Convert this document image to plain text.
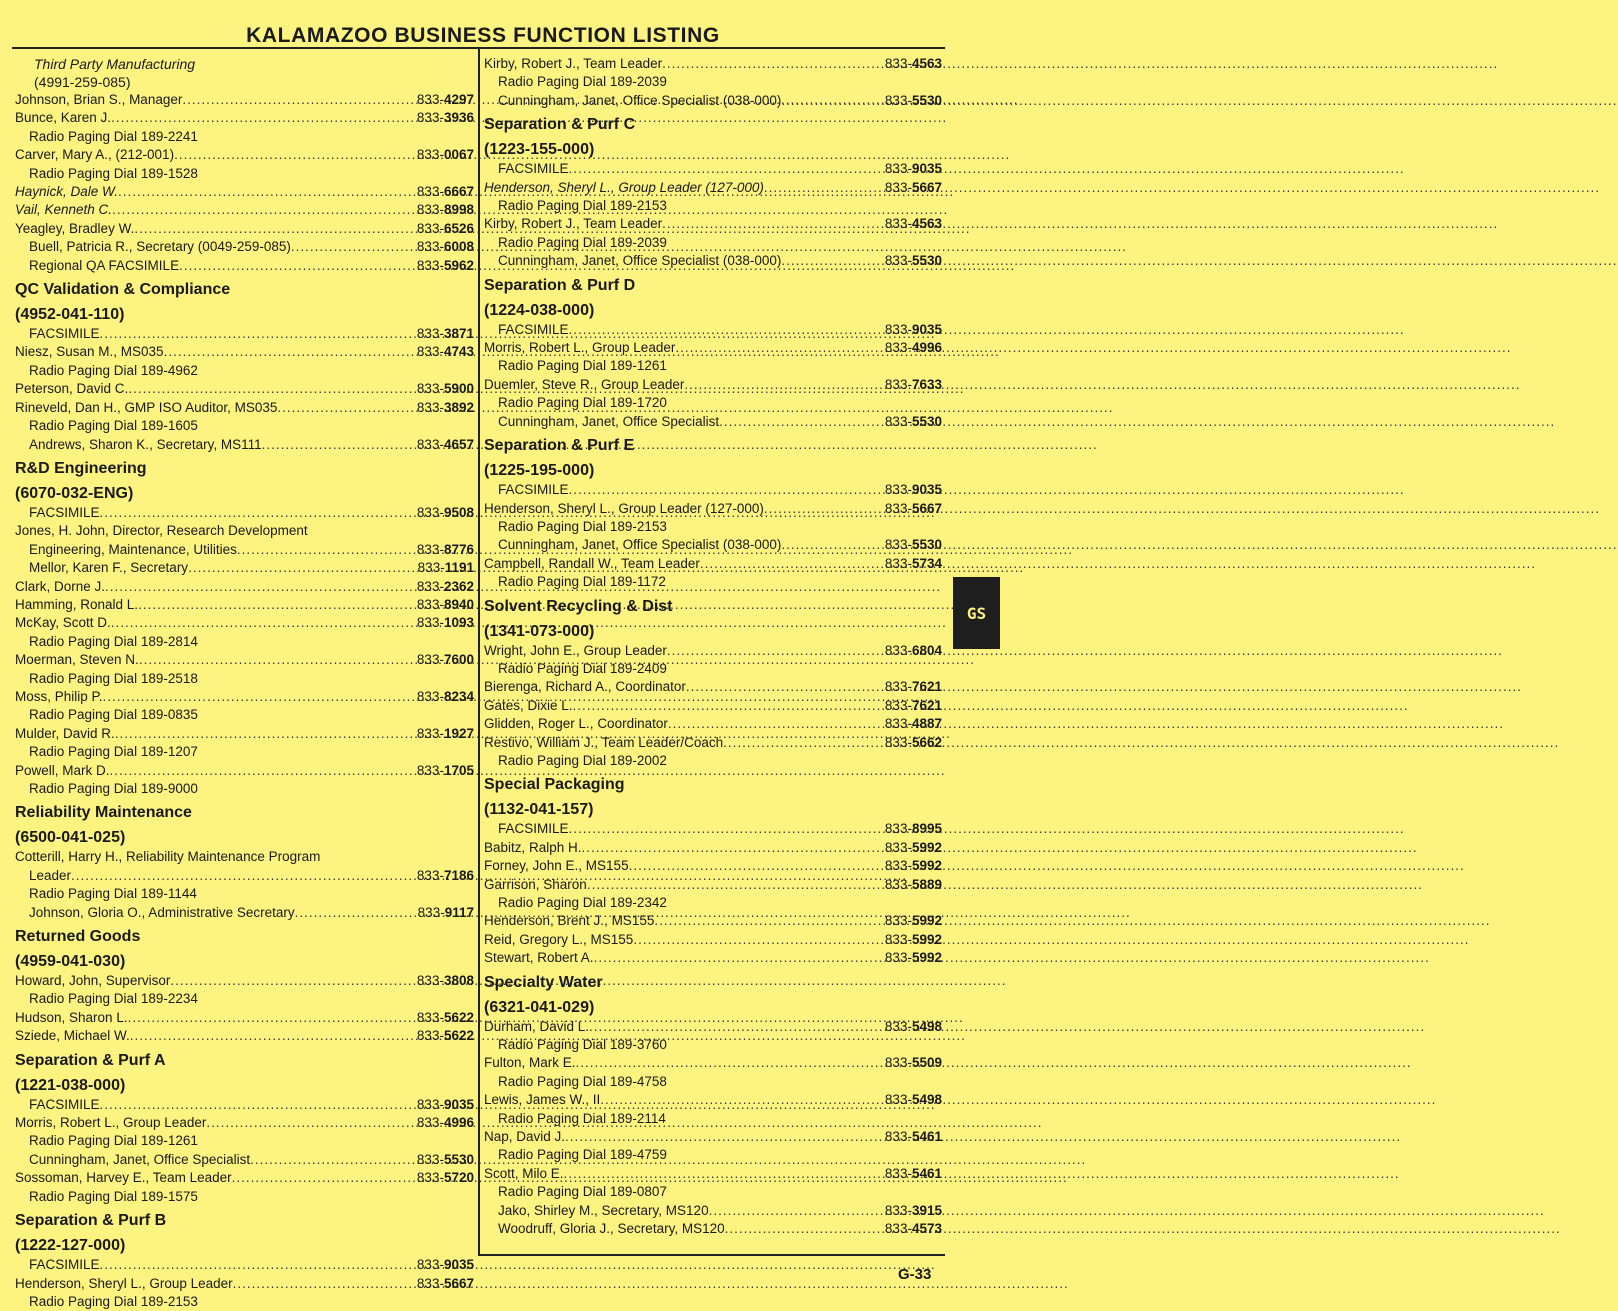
KALAMAZOO BUSINESS FUNCTION LISTING
Third Party Manufacturing
(4991-259-085)
Johnson, Brian S., Manager .....	833-4297
Bunce, Karen J. .....	833-3936
Radio Paging Dial 189-2241
Carver, Mary A., (212-001) .....	833-0067
Radio Paging Dial 189-1528
Haynick, Dale W. .....	833-6667
Vail, Kenneth C. .....	833-8998
Yeagley, Bradley W. .....	833-6526
Buell, Patricia R., Secretary (0049-259-085) .....	833-6008
Regional QA FACSIMILE .....	833-5962
QC Validation & Compliance
(4952-041-110)
FACSIMILE .....	833-3871
Niesz, Susan M., MS035 .....	833-4743
Radio Paging Dial 189-4962
Peterson, David C. .....	833-5900
Rineveld, Dan H., GMP ISO Auditor, MS035 .....	833-3892
Radio Paging Dial 189-1605
Andrews, Sharon K., Secretary, MS111 .....	833-4657
R&D Engineering
(6070-032-ENG)
FACSIMILE .....	833-9508
Jones, H. John, Director, Research Development
Engineering, Maintenance, Utilities .....	833-8776
Mellor, Karen F., Secretary .....	833-1191
Clark, Dorne J. .....	833-2362
Hamming, Ronald L. .....	833-8940
McKay, Scott D. .....	833-1093
Radio Paging Dial 189-2814
Moerman, Steven N. .....	833-7600
Radio Paging Dial 189-2518
Moss, Philip P. .....	833-8234
Radio Paging Dial 189-0835
Mulder, David R. .....	833-1927
Radio Paging Dial 189-1207
Powell, Mark D. .....	833-1705
Radio Paging Dial 189-9000
Reliability Maintenance
(6500-041-025)
Cotterill, Harry H., Reliability Maintenance Program
Leader .....	833-7186
Radio Paging Dial 189-1144
Johnson, Gloria O., Administrative Secretary .....	833-9117
Returned Goods
(4959-041-030)
Howard, John, Supervisor .....	833-3808
Radio Paging Dial 189-2234
Hudson, Sharon L. .....	833-5622
Sziede, Michael W. .....	833-5622
Separation & Purf A
(1221-038-000)
FACSIMILE .....	833-9035
Morris, Robert L., Group Leader .....	833-4996
Radio Paging Dial 189-1261
Cunningham, Janet, Office Specialist .....	833-5530
Sossoman, Harvey E., Team Leader .....	833-5720
Radio Paging Dial 189-1575
Separation & Purf B
(1222-127-000)
FACSIMILE .....	833-9035
Henderson, Sheryl L., Group Leader .....	833-5667
Radio Paging Dial 189-2153
Kirby, Robert J., Team Leader .....	833-4563
Radio Paging Dial 189-2039
Cunningham, Janet, Office Specialist (038-000) .....	833-5530
Separation & Purf C
(1223-155-000)
FACSIMILE .....	833-9035
Henderson, Sheryl L., Group Leader (127-000) .....	833-5667
Radio Paging Dial 189-2153
Kirby, Robert J., Team Leader .....	833-4563
Radio Paging Dial 189-2039
Cunningham, Janet, Office Specialist (038-000) .....	833-5530
Separation & Purf D
(1224-038-000)
FACSIMILE .....	833-9035
Morris, Robert L., Group Leader .....	833-4996
Radio Paging Dial 189-1261
Duemler, Steve R., Group Leader .....	833-7633
Radio Paging Dial 189-1720
Cunningham, Janet, Office Specialist .....	833-5530
Separation & Purf E
(1225-195-000)
FACSIMILE .....	833-9035
Henderson, Sheryl L., Group Leader (127-000) .....	833-5667
Radio Paging Dial 189-2153
Cunningham, Janet, Office Specialist (038-000) .....	833-5530
Campbell, Randall W., Team Leader .....	833-5734
Radio Paging Dial 189-1172
Solvent Recycling & Dist
(1341-073-000)
Wright, John E., Group Leader .....	833-6804
Radio Paging Dial 189-2409
Bierenga, Richard A., Coordinator .....	833-7621
Gates, Dixie L. .....	833-7621
Glidden, Roger L., Coordinator .....	833-4887
Restivo, William J., Team Leader/Coach .....	833-5662
Radio Paging Dial 189-2002
Special Packaging
(1132-041-157)
FACSIMILE .....	833-8995
Babitz, Ralph H. .....	833-5992
Forney, John E., MS155 .....	833-5992
Garrison, Sharon .....	833-5889
Radio Paging Dial 189-2342
Henderson, Brent J., MS155 .....	833-5992
Reid, Gregory L., MS155 .....	833-5992
Stewart, Robert A. .....	833-5992
Specialty Water
(6321-041-029)
Durham, David L. .....	833-5498
Radio Paging Dial 189-3760
Fulton, Mark E. .....	833-5509
Radio Paging Dial 189-4758
Lewis, James W., II .....	833-5498
Radio Paging Dial 189-2114
Nap, David J. .....	833-5461
Radio Paging Dial 189-4759
Scott, Milo E. .....	833-5461
Radio Paging Dial 189-0807
Jako, Shirley M., Secretary, MS120 .....	833-3915
Woodruff, Gloria J., Secretary, MS120 .....	833-4573
GS
G-33
